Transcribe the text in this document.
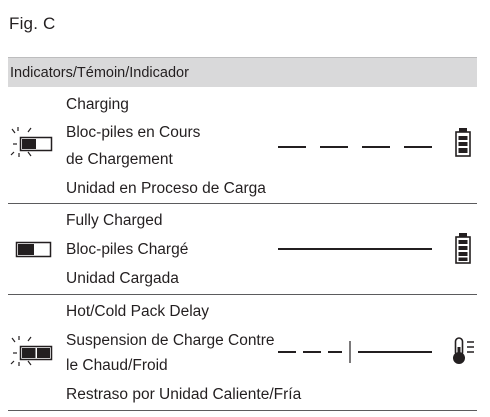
Fig. C
Indicators/Témoin/Indicador
Charging
Bloc-piles en Cours
de Chargement
Unidad en Proceso de Carga
Fully Charged
Bloc-piles Chargé
Unidad Cargada
Hot/Cold Pack Delay
Suspension de Charge Contre
le Chaud/Froid
Restraso por Unidad Caliente/Fría
